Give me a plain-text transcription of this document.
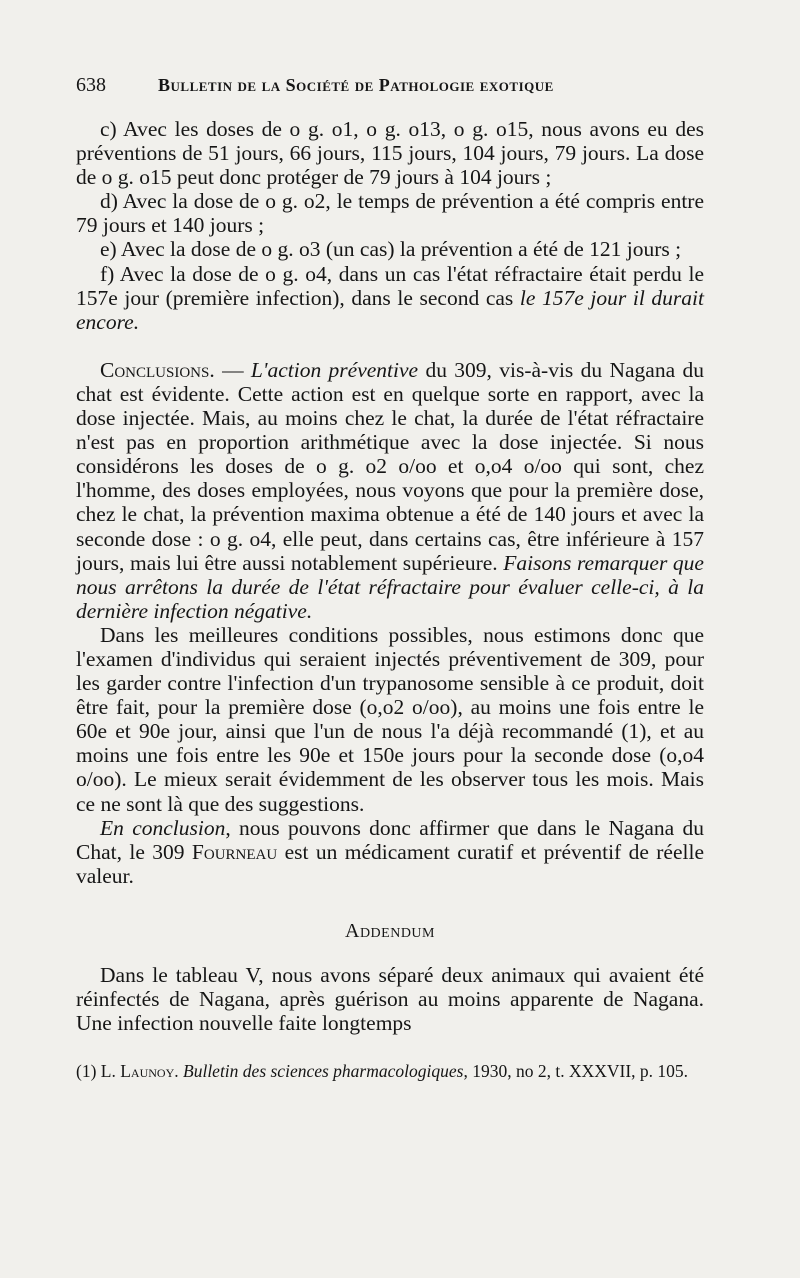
638	Bulletin de la Société de Pathologie exotique

c) Avec les doses de o g. o1, o g. o13, o g. o15, nous avons eu des préventions de 51 jours, 66 jours, 115 jours, 104 jours, 79 jours. La dose de o g. o15 peut donc protéger de 79 jours à 104 jours ;

d) Avec la dose de o g. o2, le temps de prévention a été compris entre 79 jours et 140 jours ;

e) Avec la dose de o g. o3 (un cas) la prévention a été de 121 jours ;

f) Avec la dose de o g. o4, dans un cas l'état réfractaire était perdu le 157e jour (première infection), dans le second cas le 157e jour il durait encore.

Conclusions. — L'action préventive du 309, vis-à-vis du Nagana du chat est évidente. Cette action est en quelque sorte en rapport, avec la dose injectée. Mais, au moins chez le chat, la durée de l'état réfractaire n'est pas en proportion arithmétique avec la dose injectée. Si nous considérons les doses de o g. o2 o/oo et o,o4 o/oo qui sont, chez l'homme, des doses employées, nous voyons que pour la première dose, chez le chat, la prévention maxima obtenue a été de 140 jours et avec la seconde dose : o g. o4, elle peut, dans certains cas, être inférieure à 157 jours, mais lui être aussi notablement supérieure. Faisons remarquer que nous arrêtons la durée de l'état réfractaire pour évaluer celle-ci, à la dernière infection négative.

Dans les meilleures conditions possibles, nous estimons donc que l'examen d'individus qui seraient injectés préventivement de 309, pour les garder contre l'infection d'un trypanosome sensible à ce produit, doit être fait, pour la première dose (o,o2 o/oo), au moins une fois entre le 60e et 90e jour, ainsi que l'un de nous l'a déjà recommandé (1), et au moins une fois entre les 90e et 150e jours pour la seconde dose (o,o4 o/oo). Le mieux serait évidemment de les observer tous les mois. Mais ce ne sont là que des suggestions.

En conclusion, nous pouvons donc affirmer que dans le Nagana du Chat, le 309 Fourneau est un médicament curatif et préventif de réelle valeur.

Addendum

Dans le tableau V, nous avons séparé deux animaux qui avaient été réinfectés de Nagana, après guérison au moins apparente de Nagana. Une infection nouvelle faite longtemps

(1) L. Launoy. Bulletin des sciences pharmacologiques, 1930, no 2, t. XXXVII, p. 105.
